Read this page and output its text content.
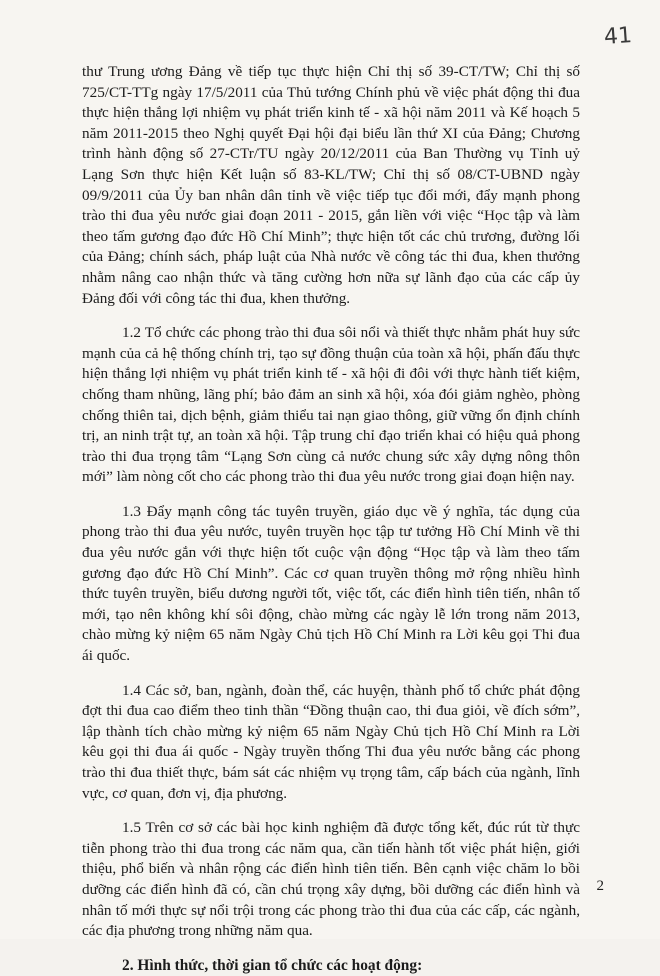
41

thư Trung ương Đảng về tiếp tục thực hiện Chỉ thị số 39-CT/TW; Chỉ thị số 725/CT-TTg ngày 17/5/2011 của Thủ tướng Chính phủ về việc phát động thi đua thực hiện thắng lợi nhiệm vụ phát triển kinh tế - xã hội năm 2011 và Kế hoạch 5 năm 2011-2015 theo Nghị quyết Đại hội đại biểu lần thứ XI của Đảng; Chương trình hành động số 27-CTr/TU ngày 20/12/2011 của Ban Thường vụ Tỉnh uỷ Lạng Sơn thực hiện Kết luận số 83-KL/TW; Chỉ thị số 08/CT-UBND ngày 09/9/2011 của Ủy ban nhân dân tỉnh về việc tiếp tục đổi mới, đẩy mạnh phong trào thi đua yêu nước giai đoạn 2011 - 2015, gắn liền với việc “Học tập và làm theo tấm gương đạo đức Hồ Chí Minh”; thực hiện tốt các chủ trương, đường lối của Đảng; chính sách, pháp luật của Nhà nước về công tác thi đua, khen thưởng nhằm nâng cao nhận thức và tăng cường hơn nữa sự lãnh đạo của các cấp ủy Đảng đối với công tác thi đua, khen thưởng.

1.2 Tổ chức các phong trào thi đua sôi nổi và thiết thực nhằm phát huy sức mạnh của cả hệ thống chính trị, tạo sự đồng thuận của toàn xã hội, phấn đấu thực hiện thắng lợi nhiệm vụ phát triển kinh tế - xã hội đi đôi với thực hành tiết kiệm, chống tham nhũng, lãng phí; bảo đảm an sinh xã hội, xóa đói giảm nghèo, phòng chống thiên tai, dịch bệnh, giảm thiểu tai nạn giao thông, giữ vững ổn định chính trị, an ninh trật tự, an toàn xã hội. Tập trung chỉ đạo triển khai có hiệu quả phong trào thi đua trọng tâm “Lạng Sơn cùng cả nước chung sức xây dựng nông thôn mới” làm nòng cốt cho các phong trào thi đua yêu nước trong giai đoạn hiện nay.

1.3 Đẩy mạnh công tác tuyên truyền, giáo dục về ý nghĩa, tác dụng của phong trào thi đua yêu nước, tuyên truyền học tập tư tưởng Hồ Chí Minh về thi đua yêu nước gắn với thực hiện tốt cuộc vận động “Học tập và làm theo tấm gương đạo đức Hồ Chí Minh”. Các cơ quan truyền thông mở rộng nhiều hình thức tuyên truyền, biểu dương người tốt, việc tốt, các điển hình tiên tiến, nhân tố mới, tạo nên không khí sôi động, chào mừng các ngày lễ lớn trong năm 2013, chào mừng kỷ niệm 65 năm Ngày Chủ tịch Hồ Chí Minh ra Lời kêu gọi Thi đua ái quốc.

1.4 Các sở, ban, ngành, đoàn thể, các huyện, thành phố tổ chức phát động đợt thi đua cao điểm theo tinh thần “Đồng thuận cao, thi đua giỏi, về đích sớm”, lập thành tích chào mừng kỷ niệm 65 năm Ngày Chủ tịch Hồ Chí Minh ra Lời kêu gọi thi đua ái quốc - Ngày truyền thống Thi đua yêu nước bằng các phong trào thi đua thiết thực, bám sát các nhiệm vụ trọng tâm, cấp bách của ngành, lĩnh vực, cơ quan, đơn vị, địa phương.

1.5 Trên cơ sở các bài học kinh nghiệm đã được tổng kết, đúc rút từ thực tiễn phong trào thi đua trong các năm qua, cần tiến hành tốt việc phát hiện, giới thiệu, phổ biến và nhân rộng các điển hình tiên tiến. Bên cạnh việc chăm lo bồi dưỡng các điển hình đã có, cần chú trọng xây dựng, bồi dưỡng các điển hình và nhân tố mới thực sự nổi trội trong các phong trào thi đua của các cấp, các ngành, các địa phương trong những năm qua.

2. Hình thức, thời gian tổ chức các hoạt động:
2
